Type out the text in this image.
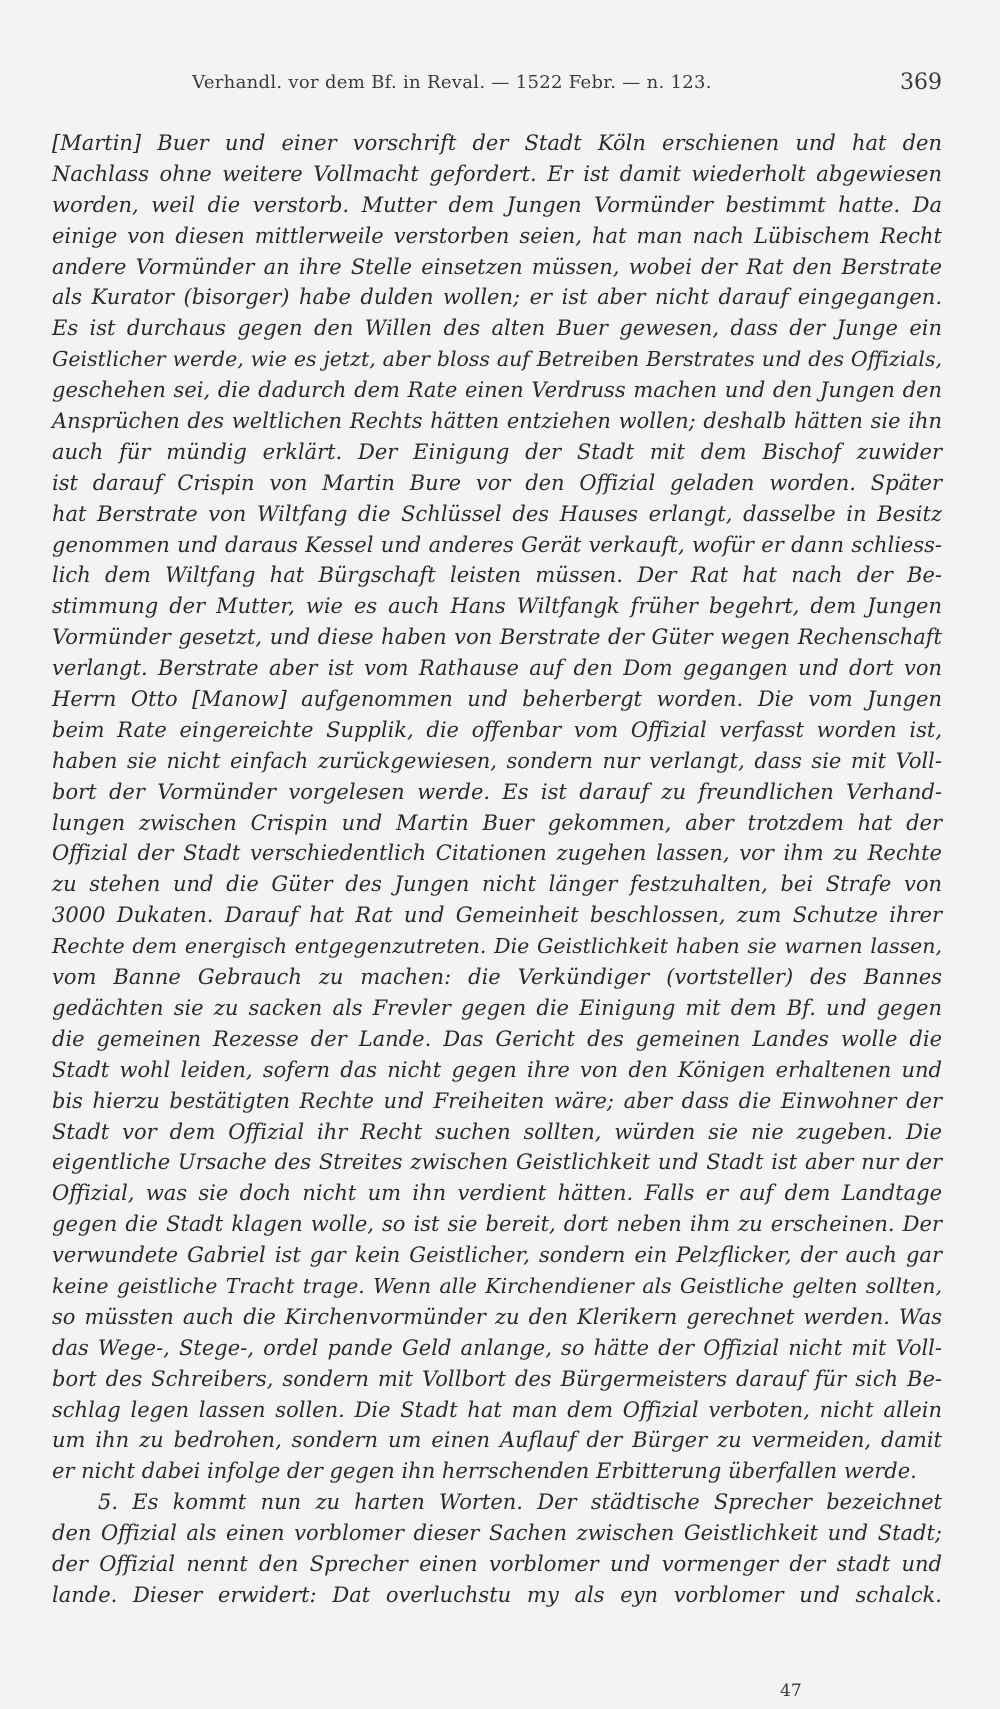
Verhandl. vor dem Bf. in Reval. — 1522 Febr. — n. 123.	369
[Martin] Buer und einer vorschrift der Stadt Köln erschienen und hat den
Nachlass ohne weitere Vollmacht gefordert. Er ist damit wiederholt abgewiesen
worden, weil die verstorb. Mutter dem Jungen Vormünder bestimmt hatte. Da
einige von diesen mittlerweile verstorben seien, hat man nach Lübischem Recht
andere Vormünder an ihre Stelle einsetzen müssen, wobei der Rat den Berstrate
als Kurator (bisorger) habe dulden wollen; er ist aber nicht darauf eingegangen.
Es ist durchaus gegen den Willen des alten Buer gewesen, dass der Junge ein
Geistlicher werde, wie es jetzt, aber bloss auf Betreiben Berstrates und des Offizials,
geschehen sei, die dadurch dem Rate einen Verdruss machen und den Jungen den
Ansprüchen des weltlichen Rechts hätten entziehen wollen; deshalb hätten sie ihn
auch für mündig erklärt. Der Einigung der Stadt mit dem Bischof zuwider
ist darauf Crispin von Martin Bure vor den Offizial geladen worden. Später
hat Berstrate von Wiltfang die Schlüssel des Hauses erlangt, dasselbe in Besitz
genommen und daraus Kessel und anderes Gerät verkauft, wofür er dann schliess-
lich dem Wiltfang hat Bürgschaft leisten müssen. Der Rat hat nach der Be-
stimmung der Mutter, wie es auch Hans Wiltfangk früher begehrt, dem Jungen
Vormünder gesetzt, und diese haben von Berstrate der Güter wegen Rechenschaft
verlangt. Berstrate aber ist vom Rathause auf den Dom gegangen und dort von
Herrn Otto [Manow] aufgenommen und beherbergt worden. Die vom Jungen
beim Rate eingereichte Supplik, die offenbar vom Offizial verfasst worden ist,
haben sie nicht einfach zurückgewiesen, sondern nur verlangt, dass sie mit Voll-
bort der Vormünder vorgelesen werde. Es ist darauf zu freundlichen Verhand-
lungen zwischen Crispin und Martin Buer gekommen, aber trotzdem hat der
Offizial der Stadt verschiedentlich Citationen zugehen lassen, vor ihm zu Rechte
zu stehen und die Güter des Jungen nicht länger festzuhalten, bei Strafe von
3000 Dukaten. Darauf hat Rat und Gemeinheit beschlossen, zum Schutze ihrer
Rechte dem energisch entgegenzutreten. Die Geistlichkeit haben sie warnen lassen,
vom Banne Gebrauch zu machen: die Verkündiger (vortsteller) des Bannes
gedächten sie zu sacken als Frevler gegen die Einigung mit dem Bf. und gegen
die gemeinen Rezesse der Lande. Das Gericht des gemeinen Landes wolle die
Stadt wohl leiden, sofern das nicht gegen ihre von den Königen erhaltenen und
bis hierzu bestätigten Rechte und Freiheiten wäre; aber dass die Einwohner der
Stadt vor dem Offizial ihr Recht suchen sollten, würden sie nie zugeben. Die
eigentliche Ursache des Streites zwischen Geistlichkeit und Stadt ist aber nur der
Offizial, was sie doch nicht um ihn verdient hätten. Falls er auf dem Landtage
gegen die Stadt klagen wolle, so ist sie bereit, dort neben ihm zu erscheinen. Der
verwundete Gabriel ist gar kein Geistlicher, sondern ein Pelzflicker, der auch gar
keine geistliche Tracht trage. Wenn alle Kirchendiener als Geistliche gelten sollten,
so müssten auch die Kirchenvormünder zu den Klerikern gerechnet werden. Was
das Wege-, Stege-, ordel pande Geld anlange, so hätte der Offizial nicht mit Voll-
bort des Schreibers, sondern mit Vollbort des Bürgermeisters darauf für sich Be-
schlag legen lassen sollen. Die Stadt hat man dem Offizial verboten, nicht allein
um ihn zu bedrohen, sondern um einen Auflauf der Bürger zu vermeiden, damit
er nicht dabei infolge der gegen ihn herrschenden Erbitterung überfallen werde.
5. Es kommt nun zu harten Worten. Der städtische Sprecher bezeichnet
den Offizial als einen vorblomer dieser Sachen zwischen Geistlichkeit und Stadt;
der Offizial nennt den Sprecher einen vorblomer und vormenger der stadt und
lande. Dieser erwidert: Dat overluchstu my als eyn vorblomer und schalck.
47
